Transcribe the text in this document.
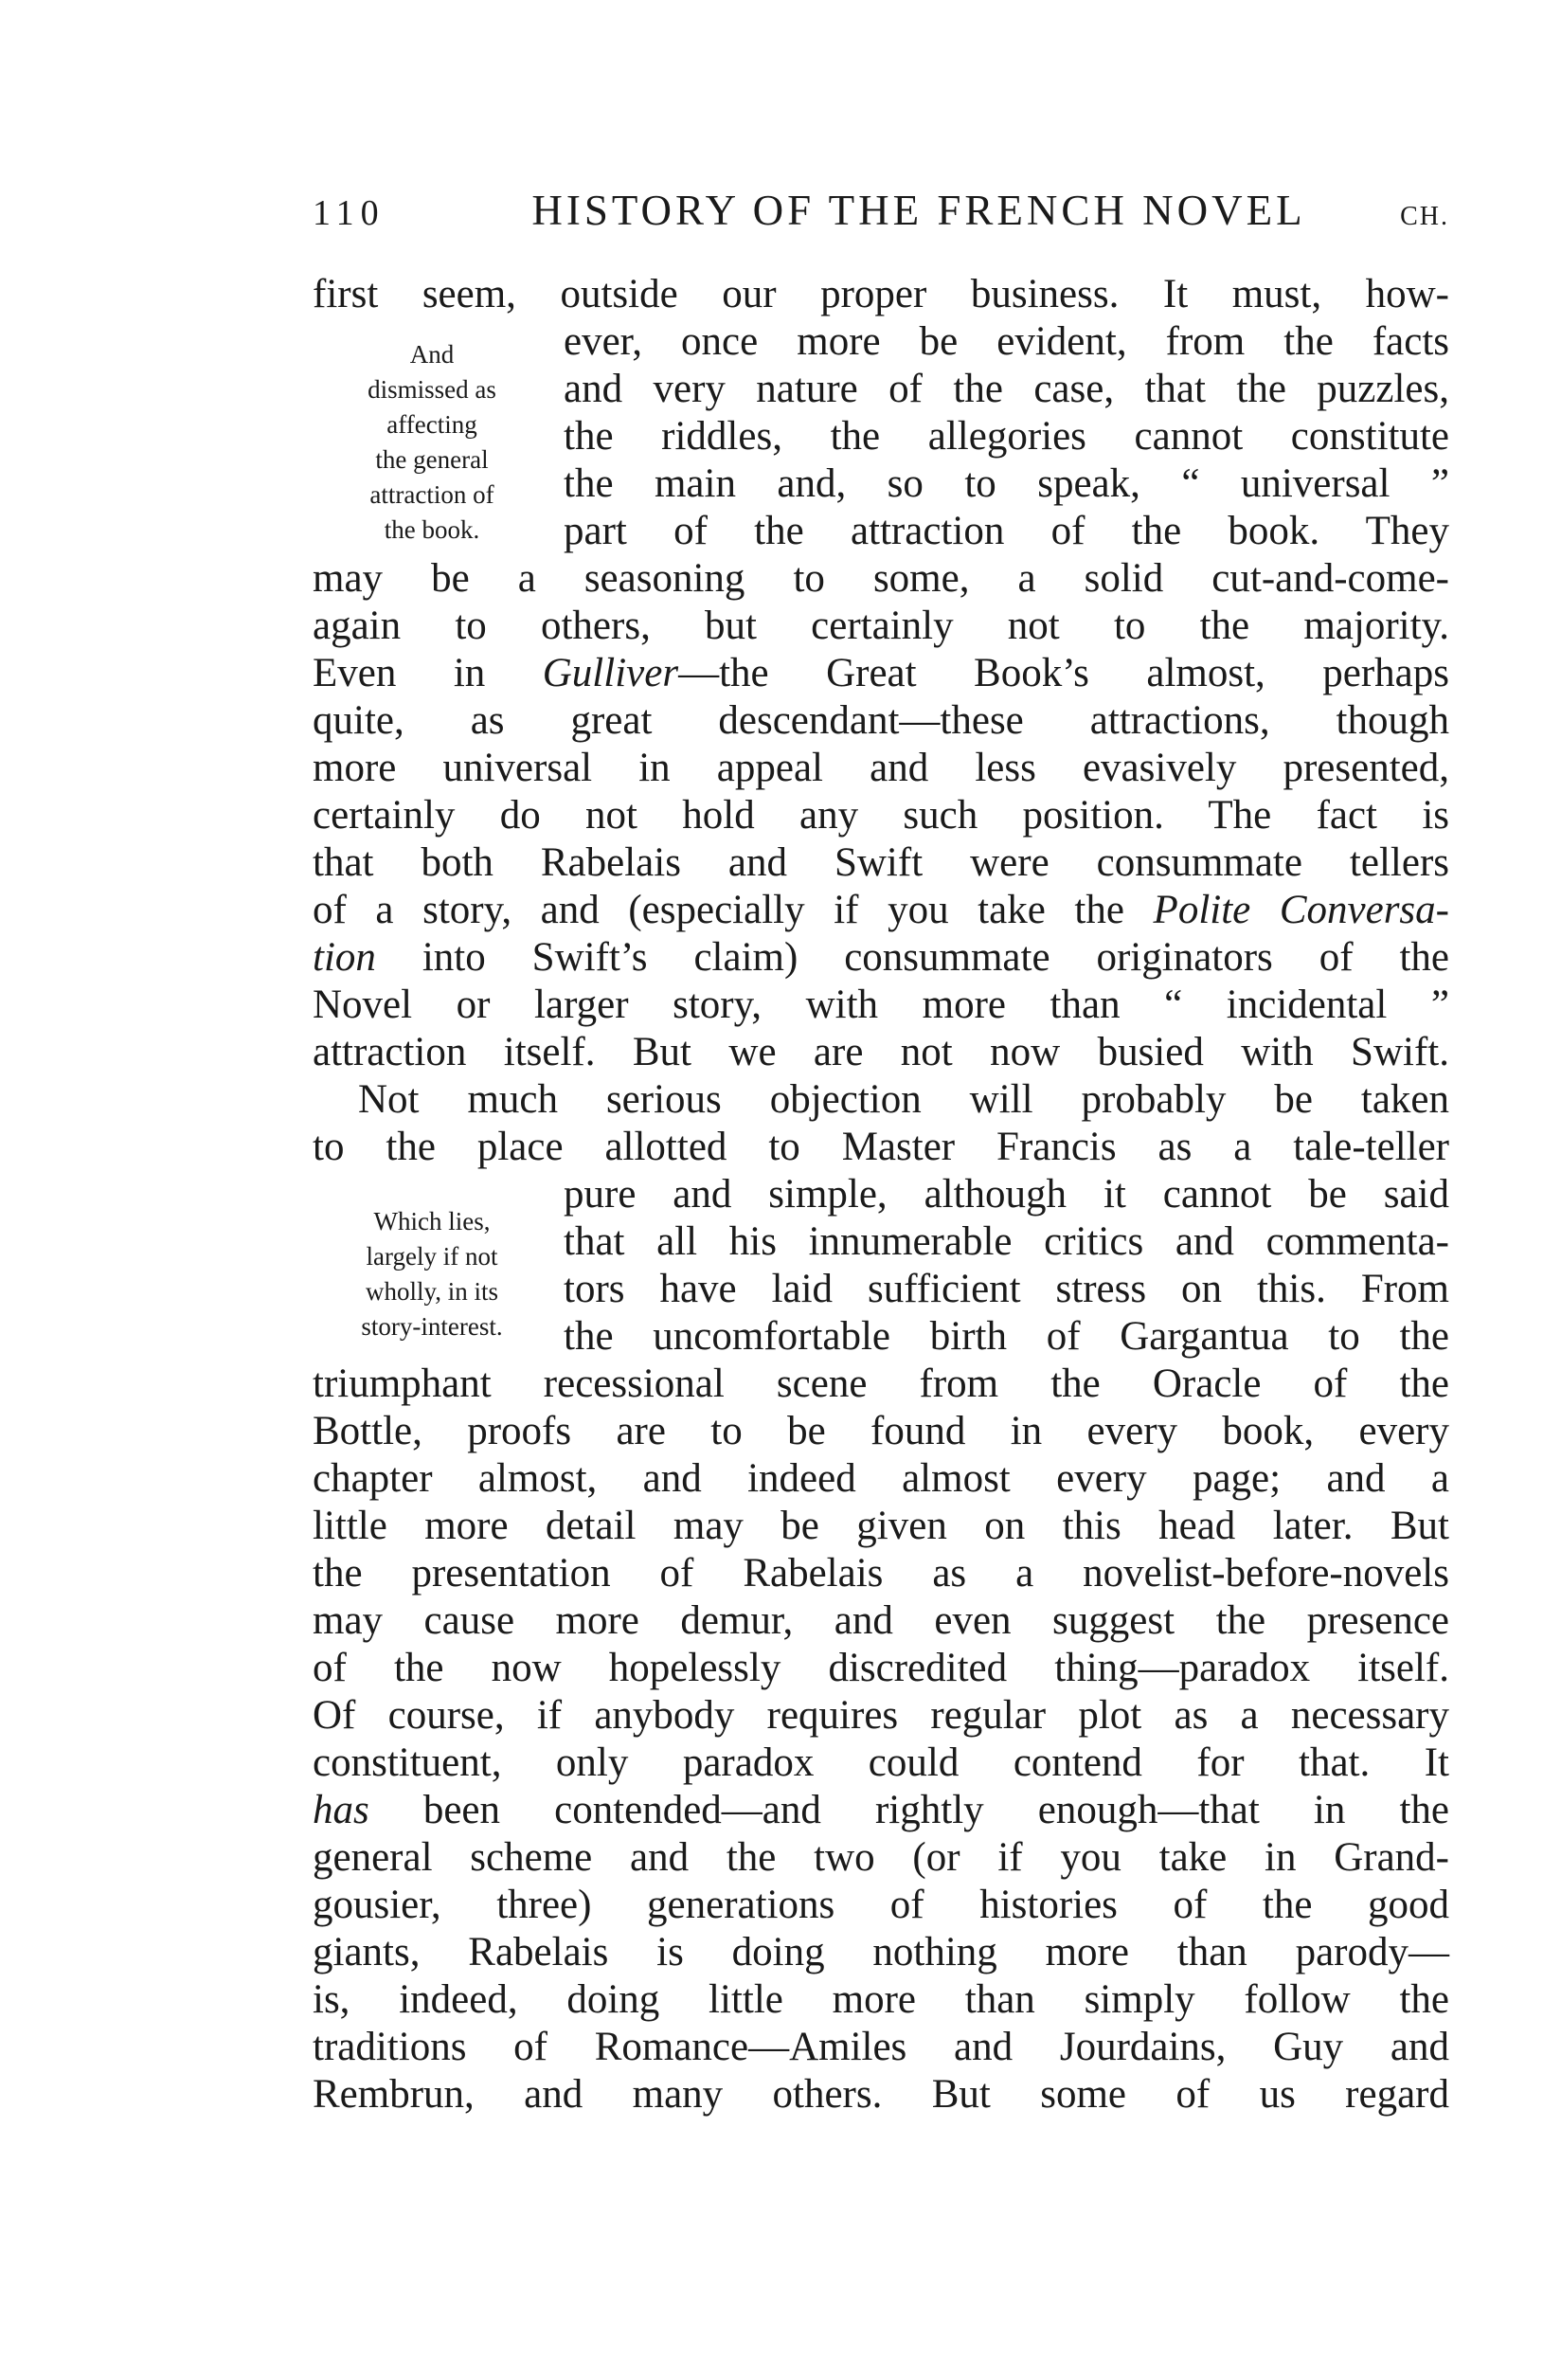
110	HISTORY OF THE FRENCH NOVEL	CH.
And
dismissed as
affecting
the general
attraction of
the book.
Which lies,
largely if not
wholly, in its
story-interest.
first seem, outside our proper business. It must, how-
ever, once more be evident, from the facts
and very nature of the case, that the puzzles,
the riddles, the allegories cannot constitute
the main and, so to speak, “ universal ”
part of the attraction of the book. They
may be a seasoning to some, a solid cut-and-come-
again to others, but certainly not to the majority.
Even in Gulliver—the Great Book’s almost, perhaps
quite, as great descendant—these attractions, though
more universal in appeal and less evasively presented,
certainly do not hold any such position. The fact is
that both Rabelais and Swift were consummate tellers
of a story, and (especially if you take the Polite Conversa-
tion into Swift’s claim) consummate originators of the
Novel or larger story, with more than “ incidental ”
attraction itself. But we are not now busied with Swift.
Not much serious objection will probably be taken
to the place allotted to Master Francis as a tale-teller
pure and simple, although it cannot be said
that all his innumerable critics and commenta-
tors have laid sufficient stress on this. From
the uncomfortable birth of Gargantua to the
triumphant recessional scene from the Oracle of the
Bottle, proofs are to be found in every book, every
chapter almost, and indeed almost every page; and a
little more detail may be given on this head later. But
the presentation of Rabelais as a novelist-before-novels
may cause more demur, and even suggest the presence
of the now hopelessly discredited thing—paradox itself.
Of course, if anybody requires regular plot as a necessary
constituent, only paradox could contend for that. It
has been contended—and rightly enough—that in the
general scheme and the two (or if you take in Grand-
gousier, three) generations of histories of the good
giants, Rabelais is doing nothing more than parody—
is, indeed, doing little more than simply follow the
traditions of Romance—Amiles and Jourdains, Guy and
Rembrun, and many others. But some of us regard
